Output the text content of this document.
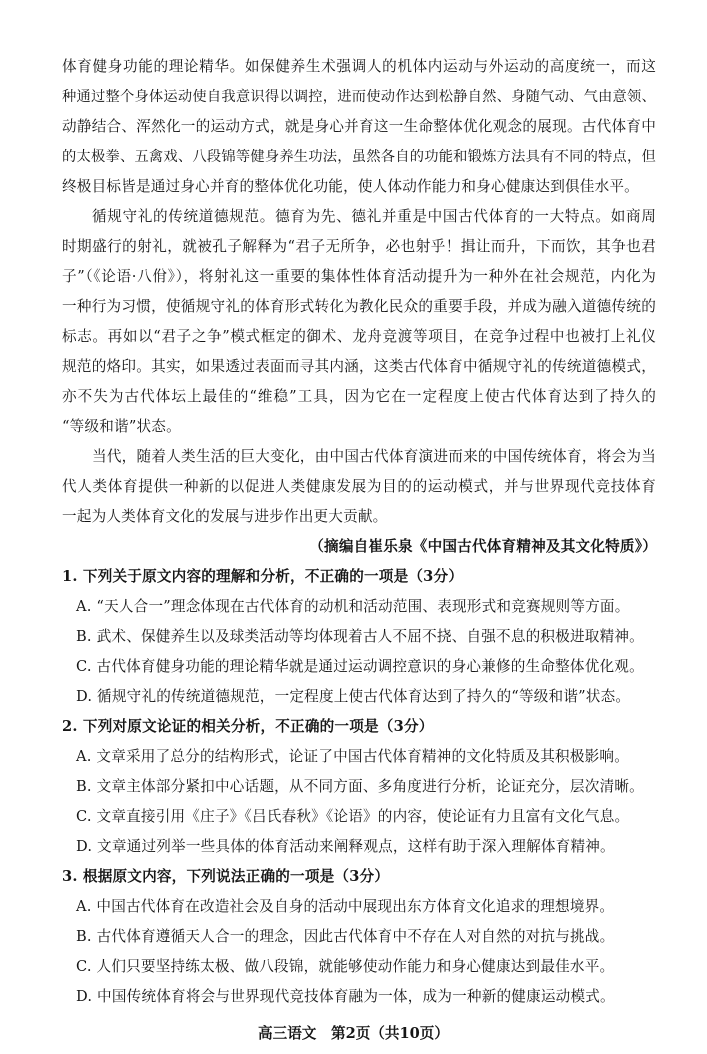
体育健身功能的理论精华。如保健养生术强调人的机体内运动与外运动的高度统一，而这
种通过整个身体运动使自我意识得以调控，进而使动作达到松静自然、身随气动、气由意领、
动静结合、浑然化一的运动方式，就是身心并育这一生命整体优化观念的展现。古代体育中
的太极拳、五禽戏、八段锦等健身养生功法，虽然各自的功能和锻炼方法具有不同的特点，但
终极目标皆是通过身心并育的整体优化功能，使人体动作能力和身心健康达到俱佳水平。
循规守礼的传统道德规范。德育为先、德礼并重是中国古代体育的一大特点。如商周
时期盛行的射礼，就被孔子解释为“君子无所争，必也射乎！揖让而升，下而饮，其争也君
子”（《论语·八佾》），将射礼这一重要的集体性体育活动提升为一种外在社会规范，内化为
一种行为习惯，使循规守礼的体育形式转化为教化民众的重要手段，并成为融入道德传统的
标志。再如以“君子之争”模式框定的御术、龙舟竞渡等项目，在竞争过程中也被打上礼仪
规范的烙印。其实，如果透过表面而寻其内涵，这类古代体育中循规守礼的传统道德模式，
亦不失为古代体坛上最佳的“维稳”工具，因为它在一定程度上使古代体育达到了持久的
“等级和谐”状态。
当代，随着人类生活的巨大变化，由中国古代体育演进而来的中国传统体育，将会为当
代人类体育提供一种新的以促进人类健康发展为目的的运动模式，并与世界现代竞技体育
一起为人类体育文化的发展与进步作出更大贡献。
（摘编自崔乐泉《中国古代体育精神及其文化特质》）
1. 下列关于原文内容的理解和分析，不正确的一项是（3分）
A. “天人合一”理念体现在古代体育的动机和活动范围、表现形式和竞赛规则等方面。
B. 武术、保健养生以及球类活动等均体现着古人不屈不挠、自强不息的积极进取精神。
C. 古代体育健身功能的理论精华就是通过运动调控意识的身心兼修的生命整体优化观。
D. 循规守礼的传统道德规范，一定程度上使古代体育达到了持久的“等级和谐”状态。
2. 下列对原文论证的相关分析，不正确的一项是（3分）
A. 文章采用了总分的结构形式，论证了中国古代体育精神的文化特质及其积极影响。
B. 文章主体部分紧扣中心话题，从不同方面、多角度进行分析，论证充分，层次清晰。
C. 文章直接引用《庄子》《吕氏春秋》《论语》的内容，使论证有力且富有文化气息。
D. 文章通过列举一些具体的体育活动来阐释观点，这样有助于深入理解体育精神。
3. 根据原文内容，下列说法正确的一项是（3分）
A. 中国古代体育在改造社会及自身的活动中展现出东方体育文化追求的理想境界。
B. 古代体育遵循天人合一的理念，因此古代体育中不存在人对自然的对抗与挑战。
C. 人们只要坚持练太极、做八段锦，就能够使动作能力和身心健康达到最佳水平。
D. 中国传统体育将会与世界现代竞技体育融为一体，成为一种新的健康运动模式。
高三语文　第2页（共10页）
